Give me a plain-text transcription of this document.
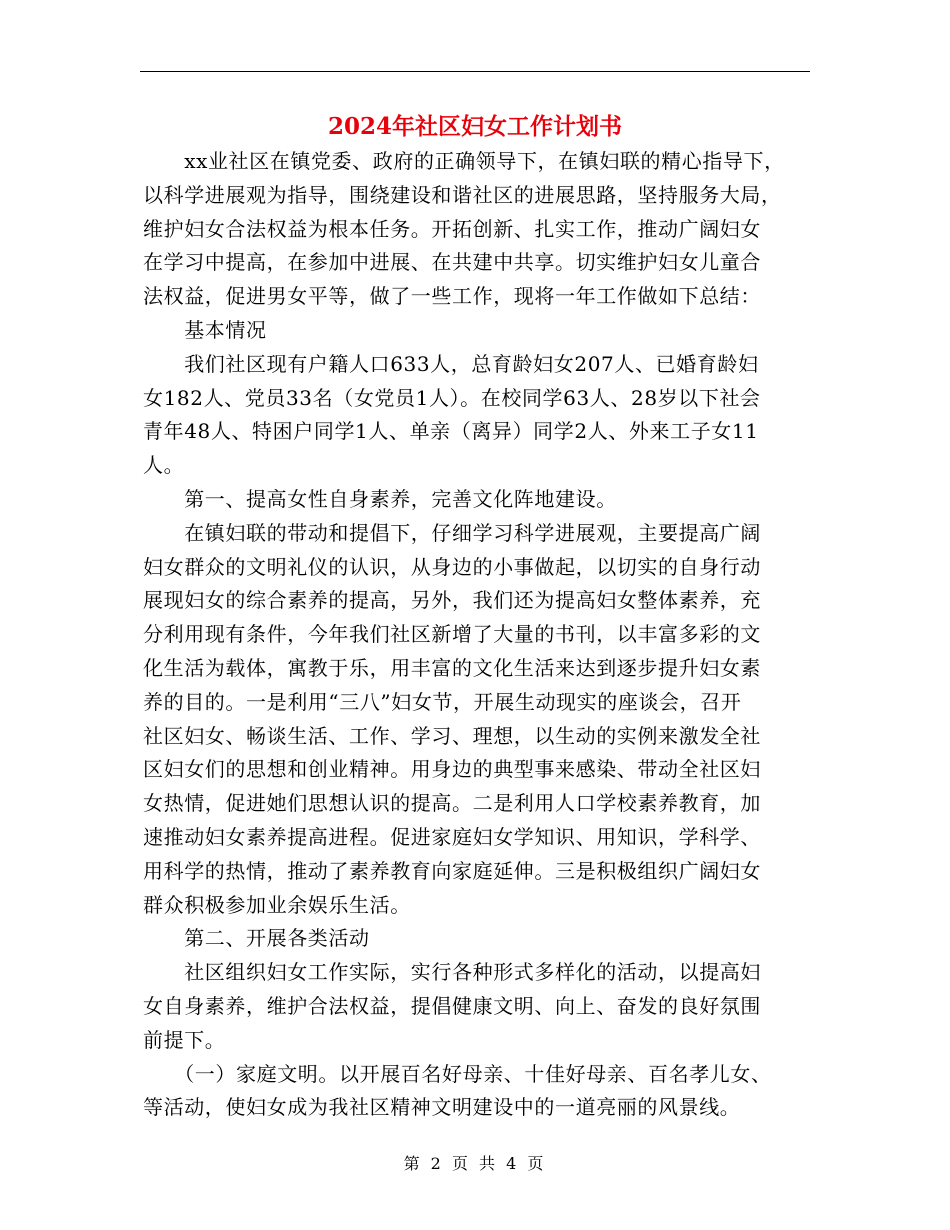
2024年社区妇女工作计划书
　　xx业社区在镇党委、政府的正确领导下，在镇妇联的精心指导下，
以科学进展观为指导，围绕建设和谐社区的进展思路，坚持服务大局，
维护妇女合法权益为根本任务。开拓创新、扎实工作，推动广阔妇女
在学习中提高，在参加中进展、在共建中共享。切实维护妇女儿童合
法权益，促进男女平等，做了一些工作，现将一年工作做如下总结：
　　基本情况
　　我们社区现有户籍人口633人，总育龄妇女207人、已婚育龄妇
女182人、党员33名（女党员1人）。在校同学63人、28岁以下社会
青年48人、特困户同学1人、单亲（离异）同学2人、外来工子女11
人。
　　第一、提高女性自身素养，完善文化阵地建设。
　　在镇妇联的带动和提倡下，仔细学习科学进展观，主要提高广阔
妇女群众的文明礼仪的认识，从身边的小事做起，以切实的自身行动
展现妇女的综合素养的提高，另外，我们还为提高妇女整体素养，充
分利用现有条件，今年我们社区新增了大量的书刊，以丰富多彩的文
化生活为载体，寓教于乐，用丰富的文化生活来达到逐步提升妇女素
养的目的。一是利用“三八”妇女节，开展生动现实的座谈会，召开
社区妇女、畅谈生活、工作、学习、理想，以生动的实例来激发全社
区妇女们的思想和创业精神。用身边的典型事来感染、带动全社区妇
女热情，促进她们思想认识的提高。二是利用人口学校素养教育，加
速推动妇女素养提高进程。促进家庭妇女学知识、用知识，学科学、
用科学的热情，推动了素养教育向家庭延伸。三是积极组织广阔妇女
群众积极参加业余娱乐生活。
　　第二、开展各类活动
　　社区组织妇女工作实际，实行各种形式多样化的活动，以提高妇
女自身素养，维护合法权益，提倡健康文明、向上、奋发的良好氛围
前提下。
　　（一）家庭文明。以开展百名好母亲、十佳好母亲、百名孝儿女、
等活动，使妇女成为我社区精神文明建设中的一道亮丽的风景线。
第 2 页 共 4 页
